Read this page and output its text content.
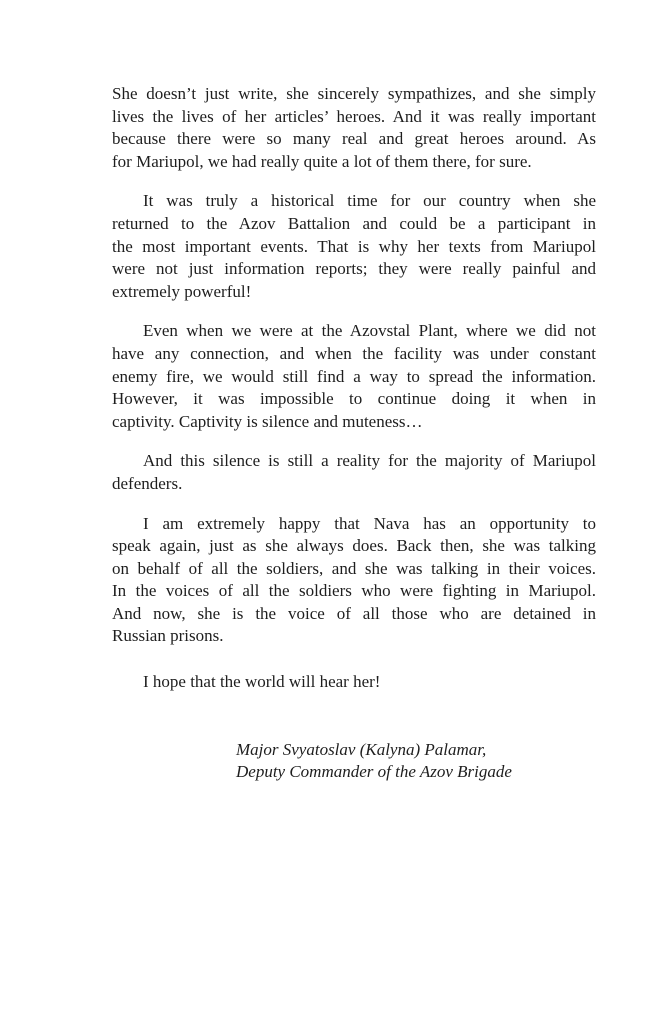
She doesn’t just write, she sincerely sympathizes, and she simply
lives the lives of her articles’ heroes. And it was really important
because there were so many real and great heroes around. As
for Mariupol, we had really quite a lot of them there, for sure.

It was truly a historical time for our country when she
returned to the Azov Battalion and could be a participant in
the most important events. That is why her texts from Mariupol
were not just information reports; they were really painful and
extremely powerful!

Even when we were at the Azovstal Plant, where we did not
have any connection, and when the facility was under constant
enemy fire, we would still find a way to spread the information.
However, it was impossible to continue doing it when in
captivity. Captivity is silence and muteness…

And this silence is still a reality for the majority of Mariupol
defenders.

I am extremely happy that Nava has an opportunity to
speak again, just as she always does. Back then, she was talking
on behalf of all the soldiers, and she was talking in their voices.
In the voices of all the soldiers who were fighting in Mariupol.
And now, she is the voice of all those who are detained in
Russian prisons.

I hope that the world will hear her!

Major Svyatoslav (Kalyna) Palamar,
Deputy Commander of the Azov Brigade
